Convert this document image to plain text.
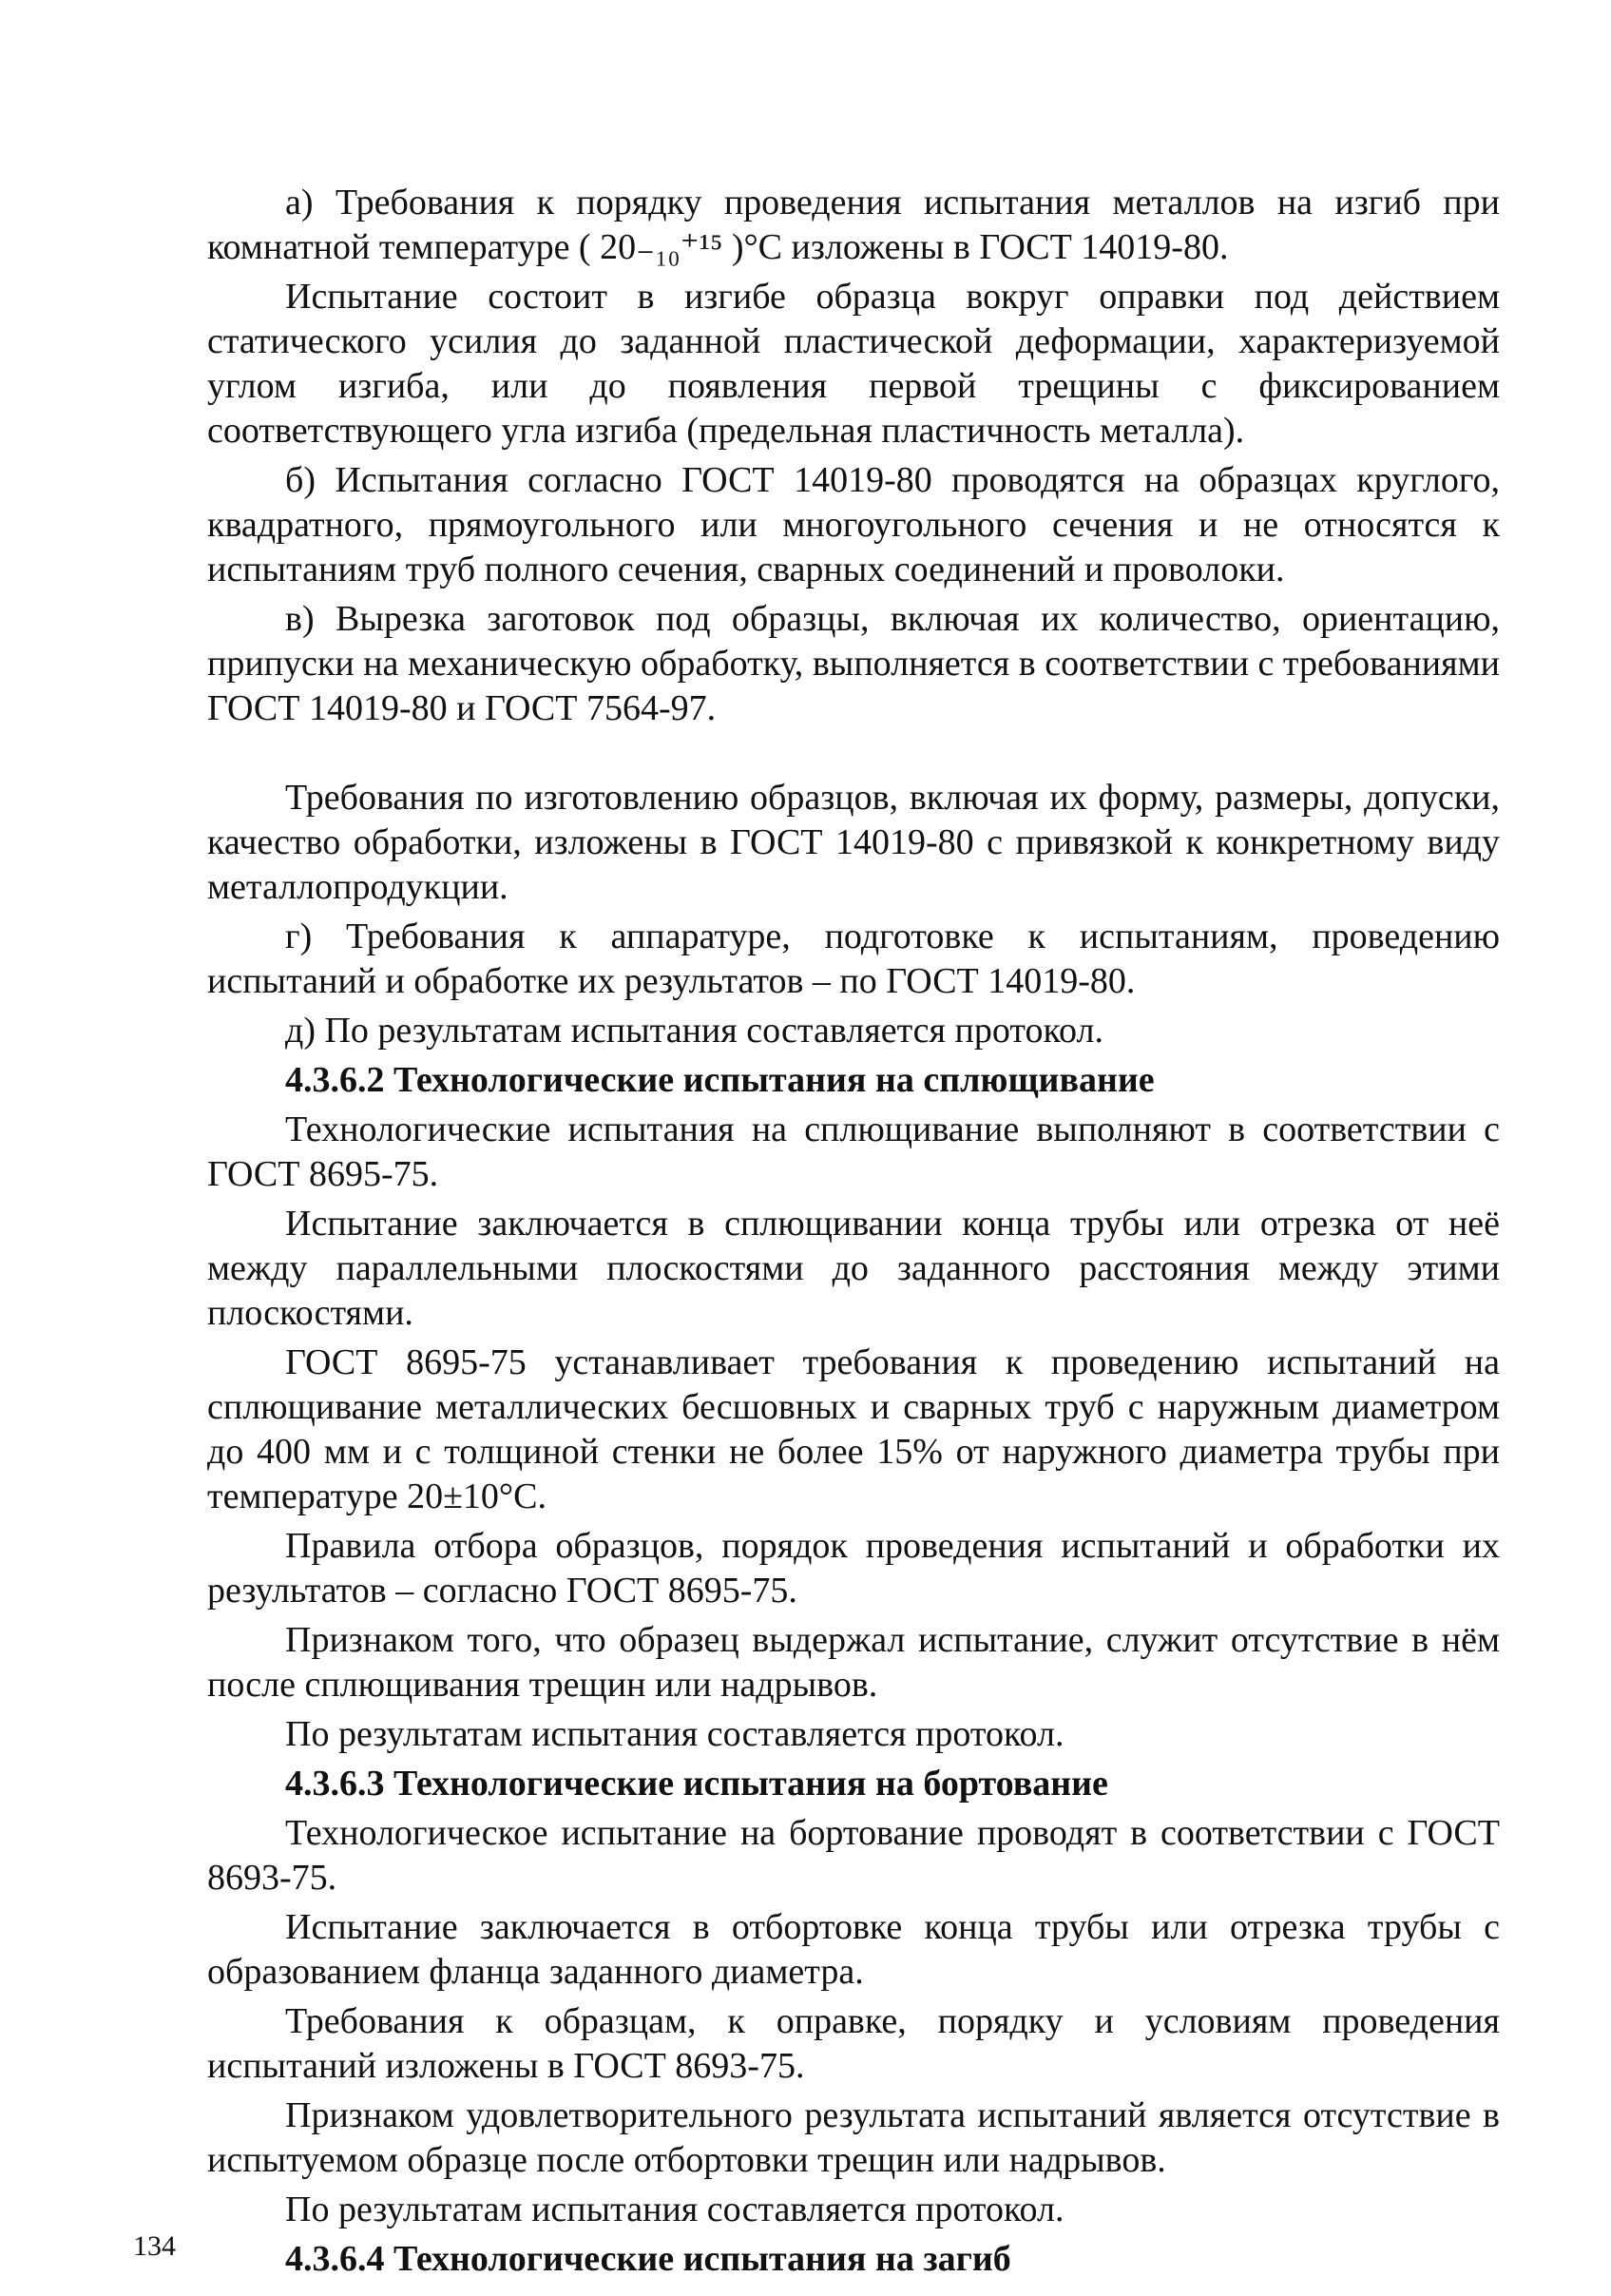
а) Требования к порядку проведения испытания металлов на изгиб при комнатной температуре ( 20₋₁₀⁺¹⁵ )°С изложены в ГОСТ 14019-80.

Испытание состоит в изгибе образца вокруг оправки под действием статического усилия до заданной пластической деформации, характеризуемой углом изгиба, или до появления первой трещины с фиксированием соответствующего угла изгиба (предельная пластичность металла).

б) Испытания согласно ГОСТ 14019-80 проводятся на образцах круглого, квадратного, прямоугольного или многоугольного сечения и не относятся к испытаниям труб полного сечения, сварных соединений и проволоки.

в) Вырезка заготовок под образцы, включая их количество, ориентацию, припуски на механическую обработку, выполняется в соответствии с требованиями ГОСТ 14019-80 и ГОСТ 7564-97.

Требования по изготовлению образцов, включая их форму, размеры, допуски, качество обработки, изложены в ГОСТ 14019-80 с привязкой к конкретному виду металлопродукции.

г) Требования к аппаратуре, подготовке к испытаниям, проведению испытаний и обработке их результатов – по ГОСТ 14019-80.

д) По результатам испытания составляется протокол.

4.3.6.2 Технологические испытания на сплющивание

Технологические испытания на сплющивание выполняют в соответствии с ГОСТ 8695-75.

Испытание заключается в сплющивании конца трубы или отрезка от неё между параллельными плоскостями до заданного расстояния между этими плоскостями.

ГОСТ 8695-75 устанавливает требования к проведению испытаний на сплющивание металлических бесшовных и сварных труб с наружным диаметром до 400 мм и с толщиной стенки не более 15% от наружного диаметра трубы при температуре 20±10°С.

Правила отбора образцов, порядок проведения испытаний и обработки их результатов – согласно ГОСТ 8695-75.

Признаком того, что образец выдержал испытание, служит отсутствие в нём после сплющивания трещин или надрывов.

По результатам испытания составляется протокол.

4.3.6.3 Технологические испытания на бортование

Технологическое испытание на бортование проводят в соответствии с ГОСТ 8693-75.

Испытание заключается в отбортовке конца трубы или отрезка трубы с образованием фланца заданного диаметра.

Требования к образцам, к оправке, порядку и условиям проведения испытаний изложены в ГОСТ 8693-75.

Признаком удовлетворительного результата испытаний является отсутствие в испытуемом образце после отбортовки трещин или надрывов.

По результатам испытания составляется протокол.

4.3.6.4 Технологические испытания на загиб
134
